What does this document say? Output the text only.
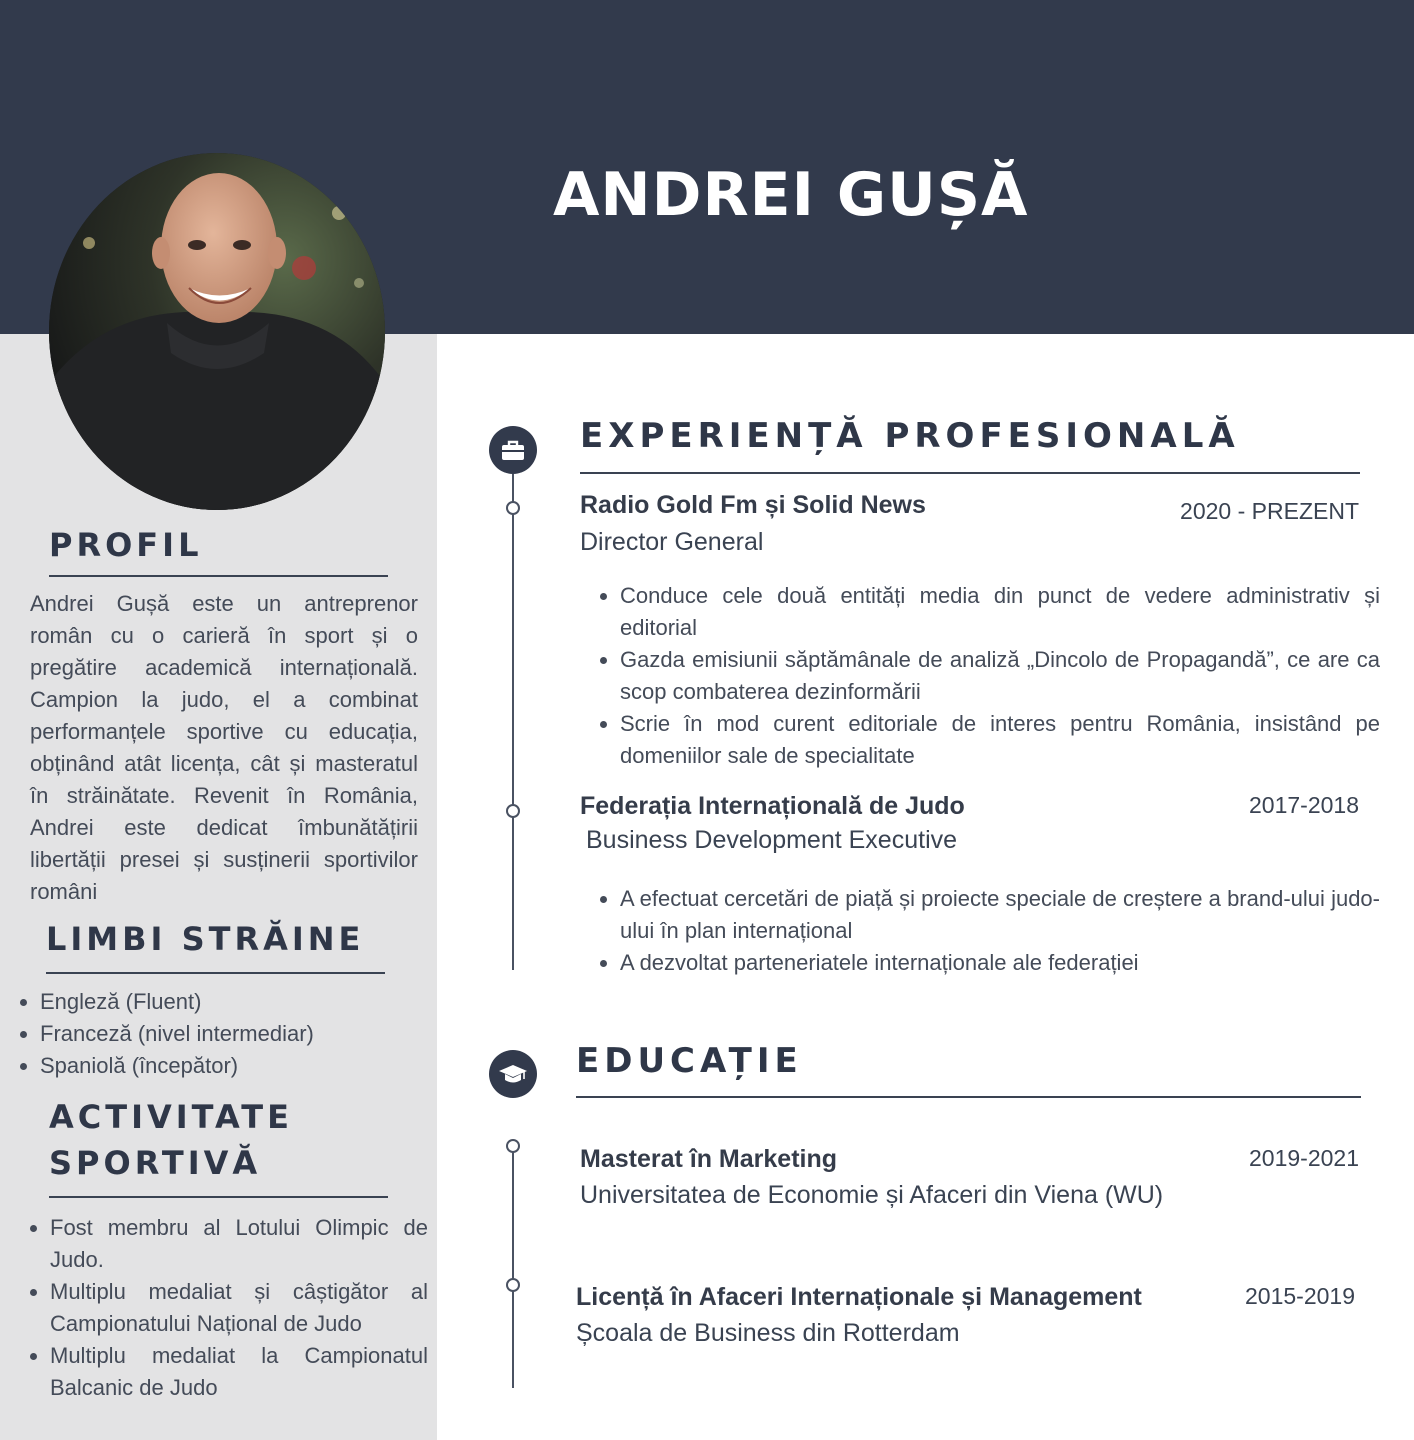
ANDREI GUȘĂ
PROFIL
Andrei Gușă este un antreprenor român cu o carieră în sport și o pregătire academică internațională. Campion la judo, el a combinat performanțele sportive cu educația, obținând atât licența, cât și masteratul în străinătate. Revenit în România, Andrei este dedicat îmbunătățirii libertății presei și susținerii sportivilor români
LIMBI STRĂINE
• Engleză (Fluent)
• Franceză (nivel intermediar)
• Spaniolă (începător)
ACTIVITATE
SPORTIVĂ
• Fost membru al Lotului Olimpic de Judo.
• Multiplu medaliat și câștigător al Campionatului Național de Judo
• Multiplu medaliat la Campionatul Balcanic de Judo
EXPERIENȚĂ PROFESIONALĂ
Radio Gold Fm și Solid News	2020 - PREZENT
Director General
• Conduce cele două entități media din punct de vedere administrativ și editorial
• Gazda emisiunii săptămânale de analiză „Dincolo de Propagandă”, ce are ca scop combaterea dezinformării
• Scrie în mod curent editoriale de interes pentru România, insistând pe domeniilor sale de specialitate
Federația Internațională de Judo	2017-2018
Business Development Executive
• A efectuat cercetări de piață și proiecte speciale de creștere a brand-ului judo-ului în plan internațional
• A dezvoltat parteneriatele internaționale ale federației
EDUCAȚIE
Masterat în Marketing	2019-2021
Universitatea de Economie și Afaceri din Viena (WU)
Licență în Afaceri Internaționale și Management	2015-2019
Școala de Business din Rotterdam
